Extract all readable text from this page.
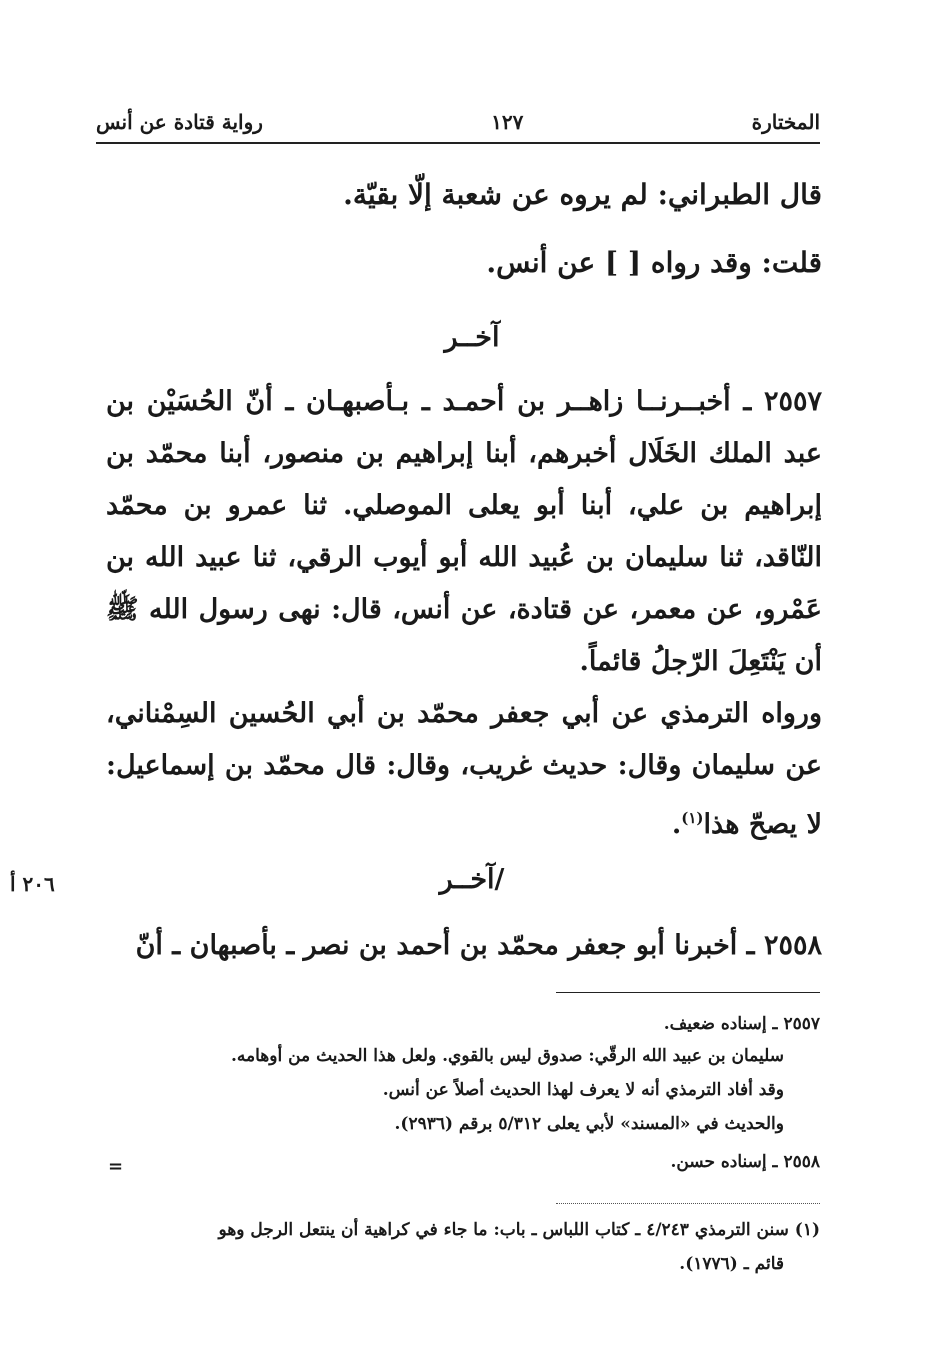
المختارة
١٢٧
رواية قتادة عن أنس
قال الطبراني: لم يروه عن شعبة إلّا بقيّة.
قلت: وقد رواه [ ] عن أنس.
آخــر
٢٥٥٧ ـ أخبــرنــا زاهــر بن أحمـد ـ بـأصبهـان ـ أنّ الحُسَيْن بن عبد الملك الخَلَال أخبرهم، أبنا إبراهيم بن منصور، أبنا محمّد بن إبراهيم بن علي، أبنا أبو يعلى الموصلي. ثنا عمرو بن محمّد النّاقد، ثنا سليمان بن عُبيد الله أبو أيوب الرقي، ثنا عبيد الله بن عَمْرو، عن معمر، عن قتادة، عن أنس، قال: نهى رسول الله ﷺ أن يَنْتَعِلَ الرّجلُ قائماً.
ورواه الترمذي عن أبي جعفر محمّد بن أبي الحُسين السِمْناني، عن سليمان وقال: حديث غريب، وقال: قال محمّد بن إسماعيل: لا يصحّ هذا$^{(١)}$.
٢٠٦ أ	/آخــر
٢٥٥٨ ـ أخبرنا أبو جعفر محمّد بن أحمد بن نصر ـ بأصبهان ـ أنّ
٢٥٥٧ ـ إسناده ضعيف.
سليمان بن عبيد الله الرقّي: صدوق ليس بالقوي. ولعل هذا الحديث من أوهامه.
وقد أفاد الترمذي أنه لا يعرف لهذا الحديث أصلاً عن أنس.
والحديث في «المسند» لأبي يعلى ٥/٣١٢ برقم (٢٩٣٦).
٢٥٥٨ ـ إسناده حسن.
=
(١) سنن الترمذي ٤/٢٤٣ ـ كتاب اللباس ـ باب: ما جاء في كراهية أن ينتعل الرجل وهو
قائم ـ (١٧٧٦).
